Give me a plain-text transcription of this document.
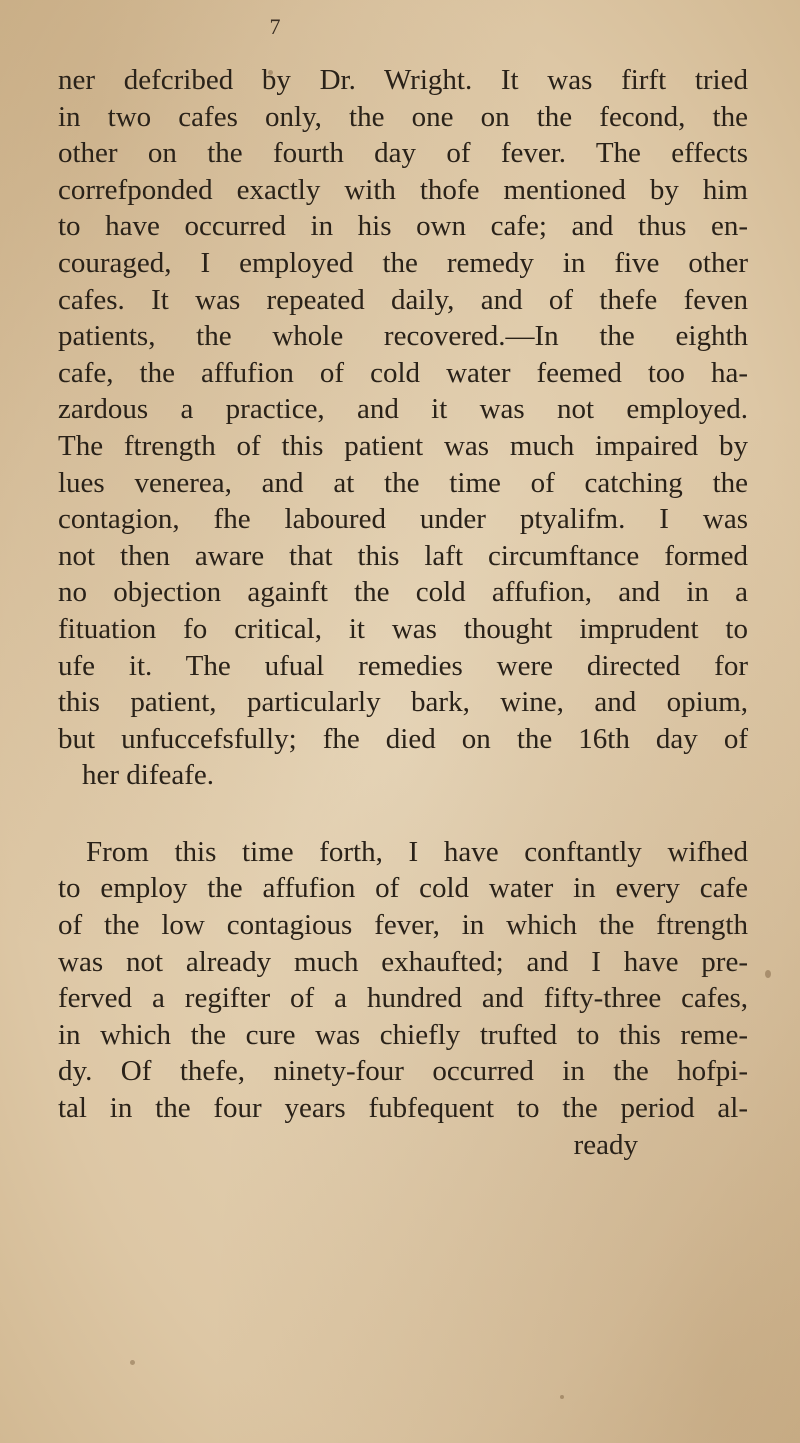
7
ner defcribed by Dr. Wright. It was firft tried
in two cafes only, the one on the fecond, the
other on the fourth day of fever. The effects
correfponded exactly with thofe mentioned by him
to have occurred in his own cafe; and thus en-
couraged, I employed the remedy in five other
cafes. It was repeated daily, and of thefe feven
patients, the whole recovered.—In the eighth
cafe, the affufion of cold water feemed too ha-
zardous a practice, and it was not employed.
The ftrength of this patient was much impaired by
lues venerea, and at the time of catching the
contagion, fhe laboured under ptyalifm. I was
not then aware that this laft circumftance formed
no objection againft the cold affufion, and in a
fituation fo critical, it was thought imprudent to
ufe it. The ufual remedies were directed for
this patient, particularly bark, wine, and opium,
but unfuccefsfully; fhe died on the 16th day of
her difeafe.
From this time forth, I have conftantly wifhed
to employ the affufion of cold water in every cafe
of the low contagious fever, in which the ftrength
was not already much exhaufted; and I have pre-
ferved a regifter of a hundred and fifty-three cafes,
in which the cure was chiefly trufted to this reme-
dy. Of thefe, ninety-four occurred in the hofpi-
tal in the four years fubfequent to the period al-
ready
